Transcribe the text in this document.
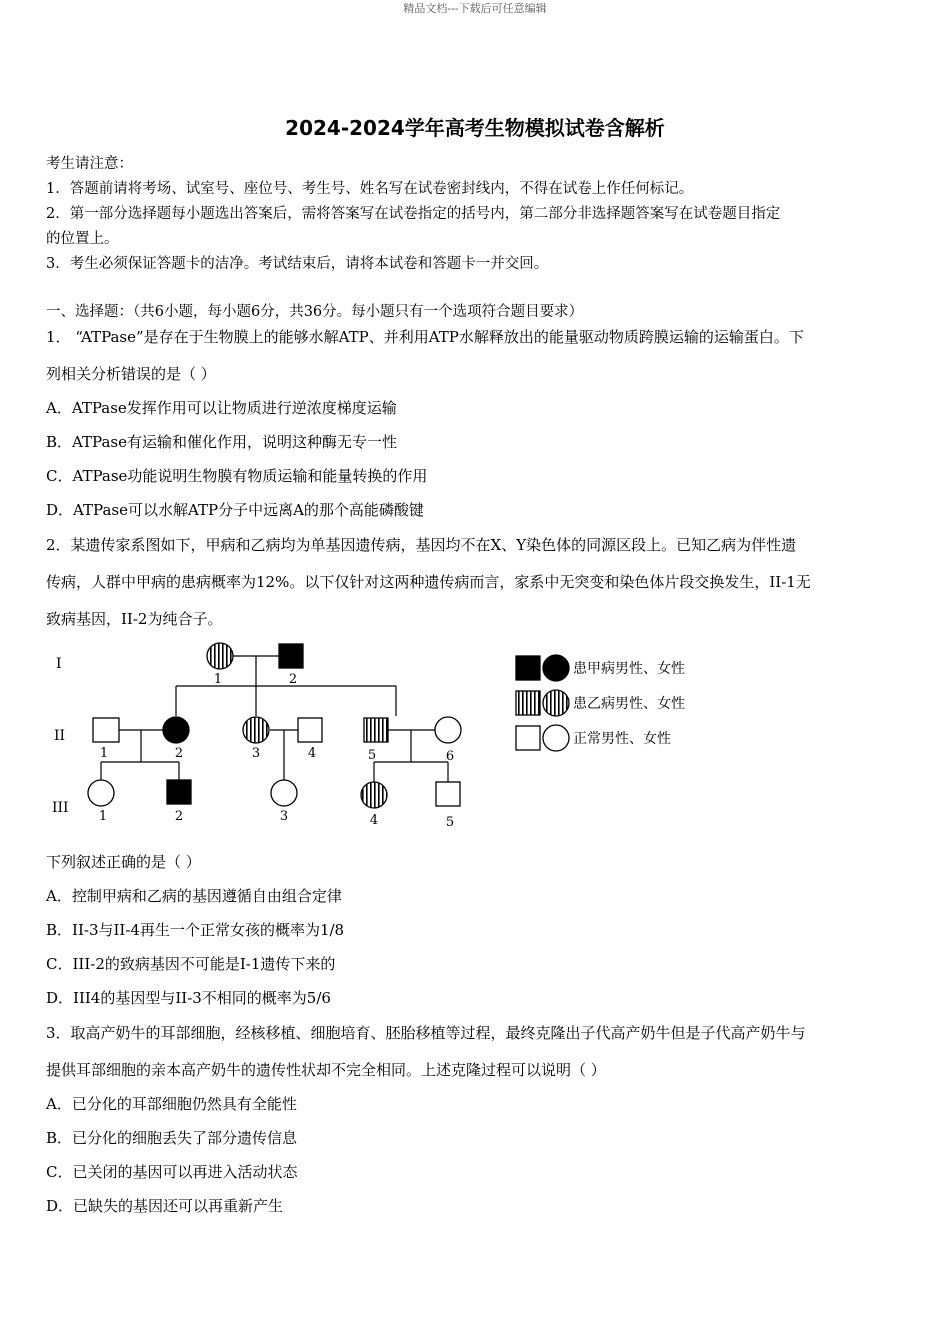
精品文档---下载后可任意编辑
2024-2024学年高考生物模拟试卷含解析
考生请注意：
1．答题前请将考场、试室号、座位号、考生号、姓名写在试卷密封线内，不得在试卷上作任何标记。
2．第一部分选择题每小题选出答案后，需将答案写在试卷指定的括号内，第二部分非选择题答案写在试卷题目指定
的位置上。
3．考生必须保证答题卡的洁净。考试结束后，请将本试卷和答题卡一并交回。
一、选择题：（共6小题，每小题6分，共36分。每小题只有一个选项符合题目要求）
1． “ATPase”是存在于生物膜上的能够水解ATP、并利用ATP水解释放出的能量驱动物质跨膜运输的运输蛋白。下
列相关分析错误的是（ ）
A．ATPase发挥作用可以让物质进行逆浓度梯度运输
B．ATPase有运输和催化作用，说明这种酶无专一性
C．ATPase功能说明生物膜有物质运输和能量转换的作用
D．ATPase可以水解ATP分子中远离A的那个高能磷酸键
2．某遗传家系图如下，甲病和乙病均为单基因遗传病，基因均不在X、Y染色体的同源区段上。已知乙病为伴性遗
传病，人群中甲病的患病概率为12%。以下仅针对这两种遗传病而言，家系中无突变和染色体片段交换发生，II-1无
致病基因，II-2为纯合子。
I
II
III
1	2
1	2	3	4	5	6
1	2	3	4	5
患甲病男性、女性
患乙病男性、女性
正常男性、女性
下列叙述正确的是（ ）
A．控制甲病和乙病的基因遵循自由组合定律
B．II-3与II-4再生一个正常女孩的概率为1/8
C．III-2的致病基因不可能是I-1遗传下来的
D．III4的基因型与II-3不相同的概率为5/6
3．取高产奶牛的耳部细胞，经核移植、细胞培育、胚胎移植等过程，最终克隆出子代高产奶牛但是子代高产奶牛与
提供耳部细胞的亲本高产奶牛的遗传性状却不完全相同。上述克隆过程可以说明（ ）
A．已分化的耳部细胞仍然具有全能性
B．已分化的细胞丢失了部分遗传信息
C．已关闭的基因可以再进入活动状态
D．已缺失的基因还可以再重新产生
